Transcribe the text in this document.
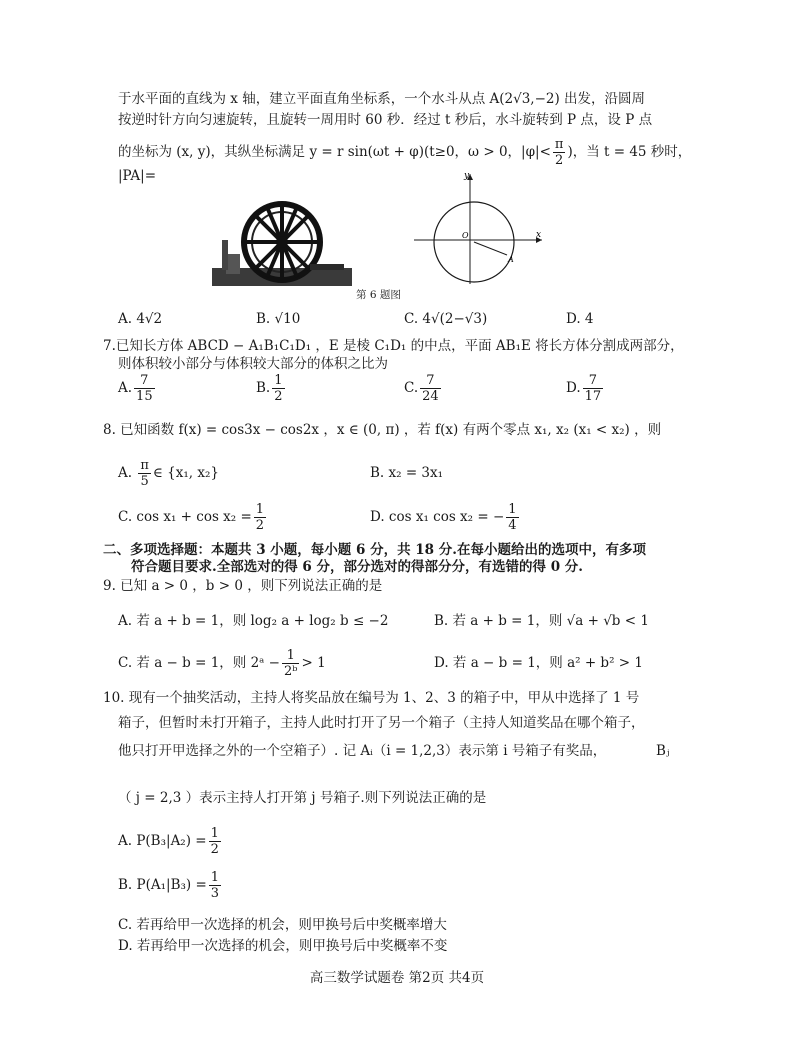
于水平面的直线为 x 轴，建立平面直角坐标系，一个水斗从点 A(2√3,−2) 出发，沿圆周
按逆时针方向匀速旋转，且旋转一周用时 60 秒．经过 t 秒后，水斗旋转到 P 点，设 P 点
的坐标为 (x, y)，其纵坐标满足 y = r sin(ωt + φ)(t≥0，ω > 0，$|\varphi|< \frac{\pi}{2}$ )，当 t = 45 秒时，
|PA|=	y
x
O
A
第 6 题图
A. 4√2	B. √10	C. 4√(2−√3)	D. 4
7.已知长方体 ABCD − A₁B₁C₁D₁ ，E 是棱 C₁D₁ 的中点，平面 AB₁E 将长方体分割成两部分，
则体积较小部分与体积较大部分的体积之比为
A. $\frac{7}{15}$	B. $\frac{1}{2}$	C. $\frac{7}{24}$	D. $\frac{7}{17}$
8. 已知函数 f(x) = cos3x − cos2x ，x ∈ (0, π) ，若 f(x) 有两个零点 x₁, x₂ (x₁ < x₂) ，则
A. $\frac{\pi}{5}$ ∈ {x₁, x₂}	B. x₂ = 3x₁
C. $\cos x_1 + \cos x_2 = \frac{1}{2}$	D. cos x₁ cos x₂ = − $\frac{1}{4}$
二、多项选择题：本题共 3 小题，每小题 6 分，共 18 分.在每小题给出的选项中，有多项
符合题目要求.全部选对的得 6 分，部分选对的得部分分，有选错的得 0 分.
9. 已知 a > 0 ，b > 0 ，则下列说法正确的是
A. 若 a + b = 1，则 log₂ a + log₂ b ≤ −2	B. 若 a + b = 1，则 √a + √b < 1
C. 若 a − b = 1，则 2ᵃ − $\frac{1}{\text{2ᵇ}} > 1$	D. 若 a − b = 1，则 a² + b² > 1
10. 现有一个抽奖活动，主持人将奖品放在编号为 1、2、3 的箱子中，甲从中选择了 1 号
箱子，但暂时未打开箱子，主持人此时打开了另一个箱子（主持人知道奖品在哪个箱子，
他只打开甲选择之外的一个空箱子）. 记 Aᵢ（i = 1,2,3）表示第 i 号箱子有奖品，	Bⱼ
（ j = 2,3 ）表示主持人打开第 j 号箱子.则下列说法正确的是
A. $P(B_3|A_2) = \frac{1}{2}$
B. $P(A_1|B_3) = \frac{1}{3}$
C. 若再给甲一次选择的机会，则甲换号后中奖概率增大
D. 若再给甲一次选择的机会，则甲换号后中奖概率不变
高三数学试题卷 第2页 共4页
